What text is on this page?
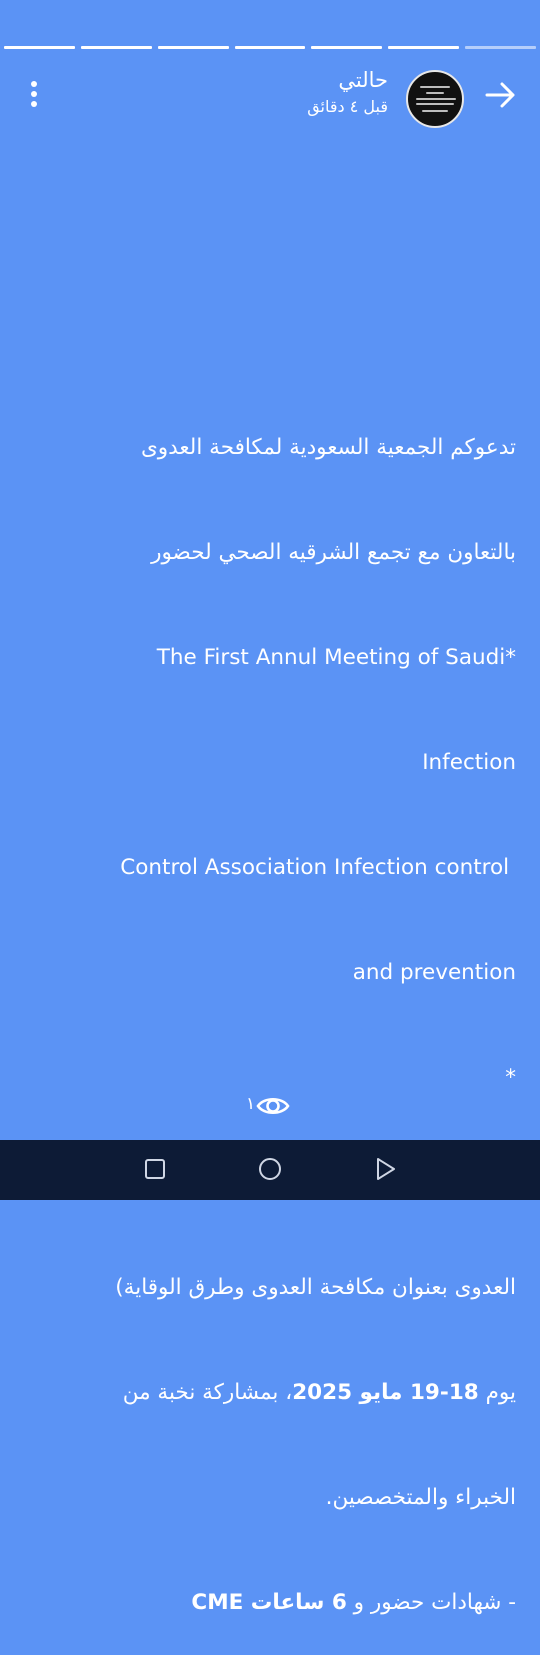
حالتي
قبل ٤ دقائق

تدعوكم الجمعية السعودية لمكافحة العدوى

بالتعاون مع تجمع الشرقيه الصحي لحضور

*The First Annul Meeting of Saudi

Infection

Control Association Infection control

and prevention

*

العدوى بعنوان مكافحة العدوى وطرق الوقاية)

يوم 18-19 مايو 2025، بمشاركة نخبة من

الخبراء والمتخصصين.

- شهادات حضور و 6 ساعات CME

١
